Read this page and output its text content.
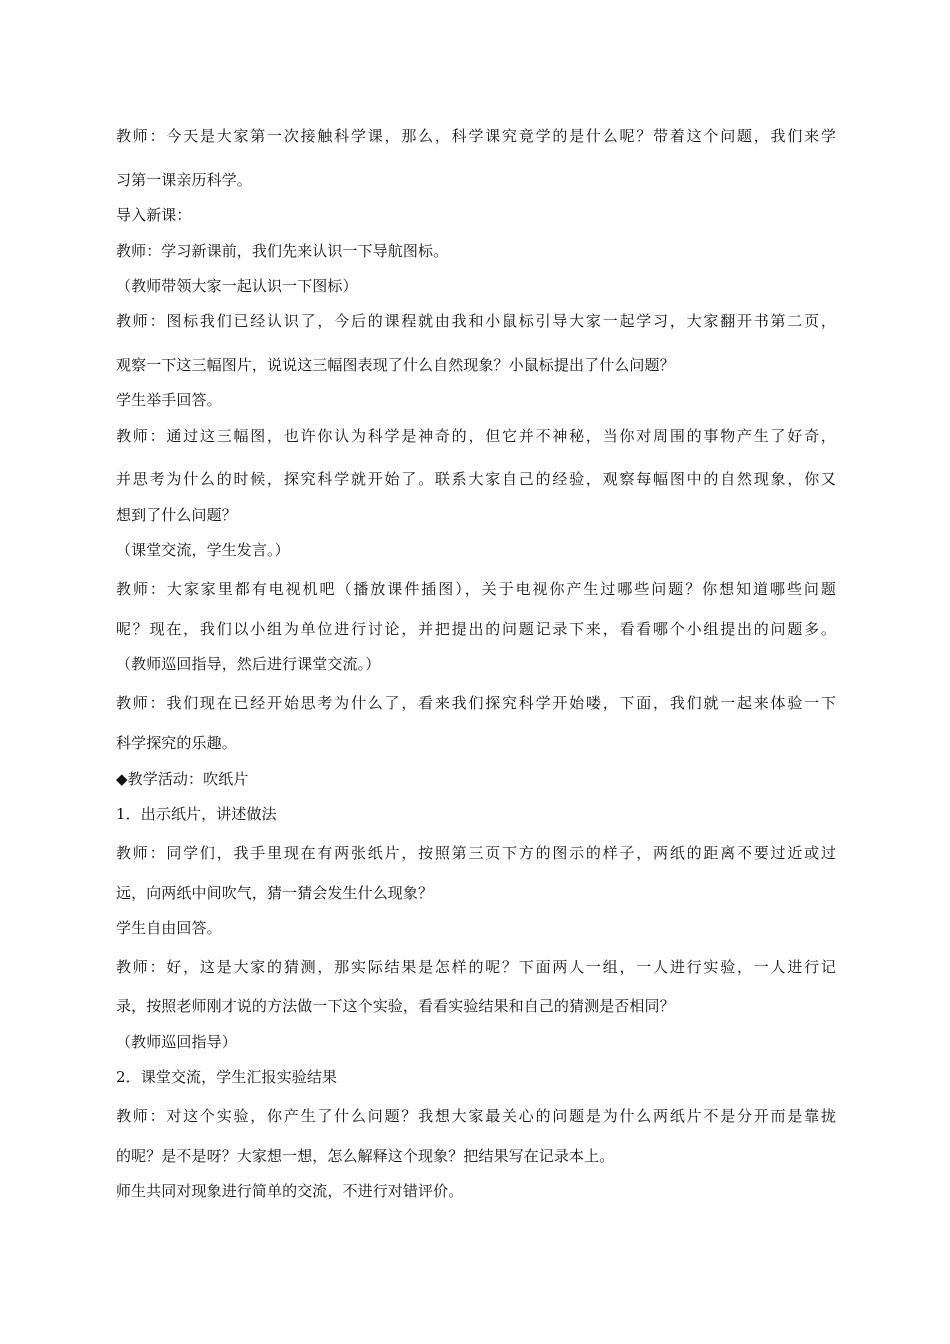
教师：今天是大家第一次接触科学课，那么，科学课究竟学的是什么呢？带着这个问题，我们来学
习第一课亲历科学。
导入新课：
教师：学习新课前，我们先来认识一下导航图标。
（教师带领大家一起认识一下图标）
教师：图标我们已经认识了，今后的课程就由我和小鼠标引导大家一起学习，大家翻开书第二页，
观察一下这三幅图片，说说这三幅图表现了什么自然现象？小鼠标提出了什么问题？
学生举手回答。
教师：通过这三幅图，也许你认为科学是神奇的，但它并不神秘，当你对周围的事物产生了好奇，
并思考为什么的时候，探究科学就开始了。联系大家自己的经验，观察每幅图中的自然现象，你又
想到了什么问题？
（课堂交流，学生发言。）
教师：大家家里都有电视机吧（播放课件插图），关于电视你产生过哪些问题？你想知道哪些问题
呢？现在，我们以小组为单位进行讨论，并把提出的问题记录下来，看看哪个小组提出的问题多。
（教师巡回指导，然后进行课堂交流。）
教师：我们现在已经开始思考为什么了，看来我们探究科学开始喽，下面，我们就一起来体验一下
科学探究的乐趣。
◆教学活动：吹纸片
1．出示纸片，讲述做法
教师：同学们，我手里现在有两张纸片，按照第三页下方的图示的样子，两纸的距离不要过近或过
远，向两纸中间吹气，猜一猜会发生什么现象？
学生自由回答。
教师：好，这是大家的猜测，那实际结果是怎样的呢？下面两人一组，一人进行实验，一人进行记
录，按照老师刚才说的方法做一下这个实验，看看实验结果和自己的猜测是否相同？
（教师巡回指导）
2．课堂交流，学生汇报实验结果
教师：对这个实验，你产生了什么问题？我想大家最关心的问题是为什么两纸片不是分开而是靠拢
的呢？是不是呀？大家想一想，怎么解释这个现象？把结果写在记录本上。
师生共同对现象进行简单的交流，不进行对错评价。
